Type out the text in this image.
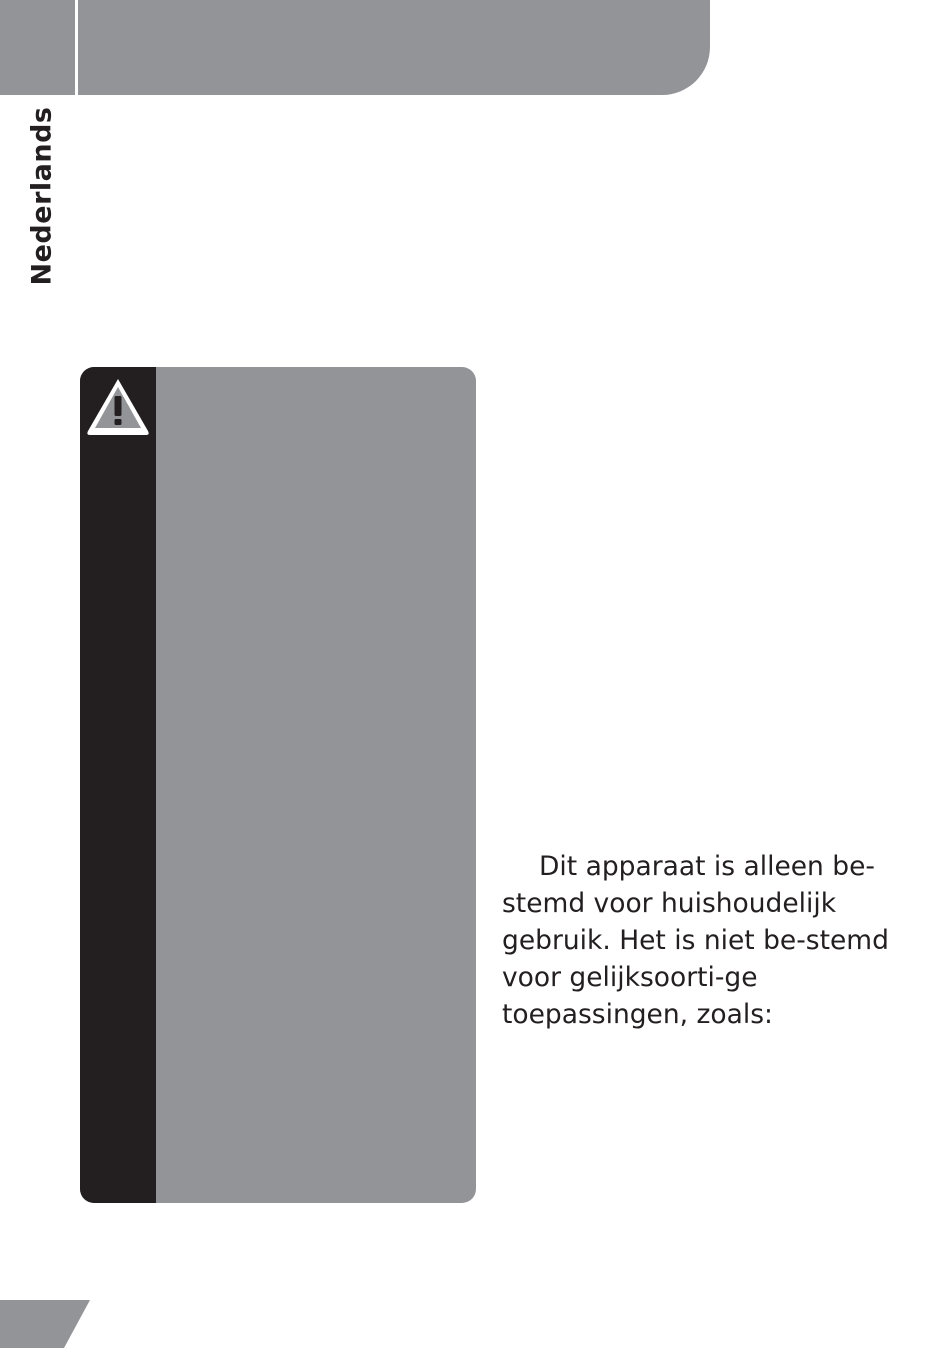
Nederlands
Dit apparaat is alleen be-
stemd voor huishoudelijk
gebruik. Het is niet be-stemd
voor gelijksoorti-ge
toepassingen, zoals:
